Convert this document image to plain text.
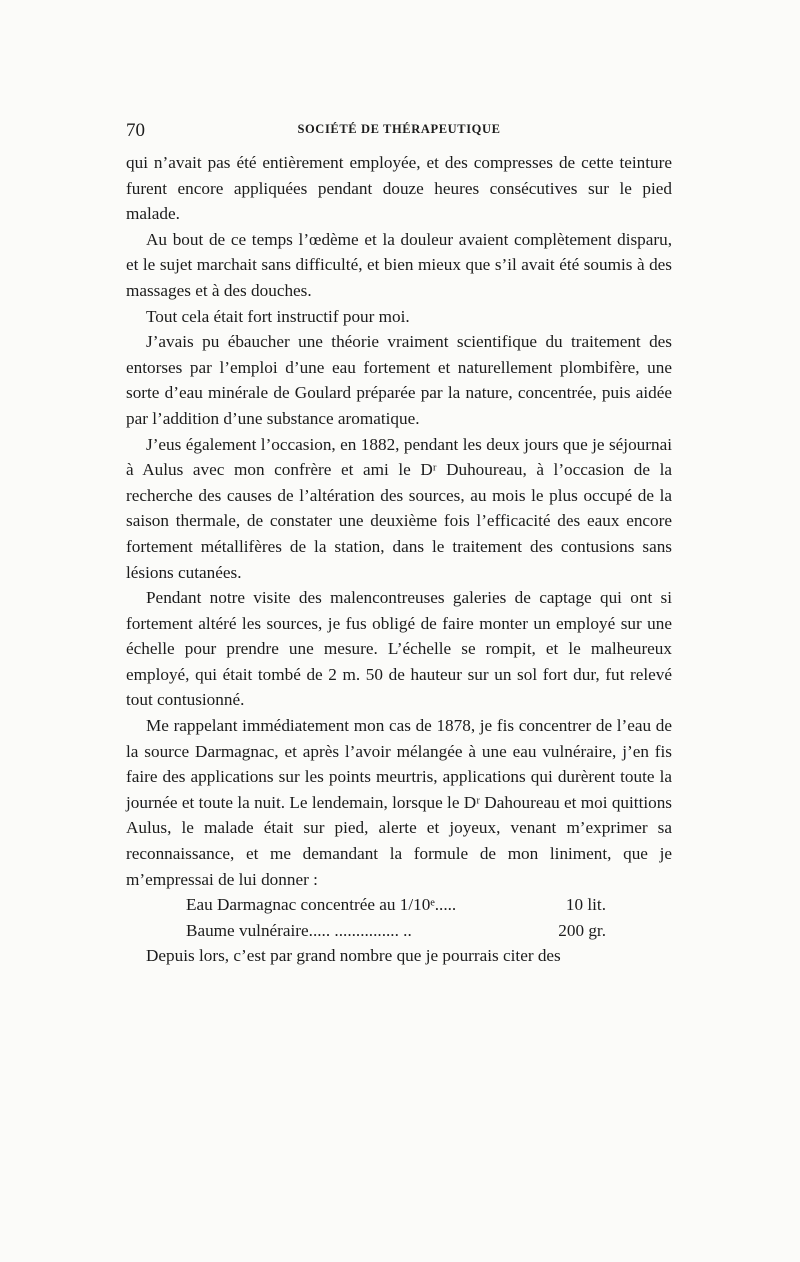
70	SOCIÉTÉ DE THÉRAPEUTIQUE

qui n’avait pas été entièrement employée, et des compresses de cette teinture furent encore appliquées pendant douze heures consécutives sur le pied malade.

Au bout de ce temps l’œdème et la douleur avaient complètement disparu, et le sujet marchait sans difficulté, et bien mieux que s’il avait été soumis à des massages et à des douches.

Tout cela était fort instructif pour moi.

J’avais pu ébaucher une théorie vraiment scientifique du traitement des entorses par l’emploi d’une eau fortement et naturellement plombifère, une sorte d’eau minérale de Goulard préparée par la nature, concentrée, puis aidée par l’addition d’une substance aromatique.

J’eus également l’occasion, en 1882, pendant les deux jours que je séjournai à Aulus avec mon confrère et ami le Dʳ Duhoureau, à l’occasion de la recherche des causes de l’altération des sources, au mois le plus occupé de la saison thermale, de constater une deuxième fois l’efficacité des eaux encore fortement métallifères de la station, dans le traitement des contusions sans lésions cutanées.

Pendant notre visite des malencontreuses galeries de captage qui ont si fortement altéré les sources, je fus obligé de faire monter un employé sur une échelle pour prendre une mesure. L’échelle se rompit, et le malheureux employé, qui était tombé de 2 m. 50 de hauteur sur un sol fort dur, fut relevé tout contusionné.

Me rappelant immédiatement mon cas de 1878, je fis concentrer de l’eau de la source Darmagnac, et après l’avoir mélangée à une eau vulnéraire, j’en fis faire des applications sur les points meurtris, applications qui durèrent toute la journée et toute la nuit. Le lendemain, lorsque le Dʳ Dahoureau et moi quittions Aulus, le malade était sur pied, alerte et joyeux, venant m’exprimer sa reconnaissance, et me demandant la formule de mon liniment, que je m’empressai de lui donner :

Eau Darmagnac concentrée au 1/10ᵉ.....	10 lit.
Baume vulnéraire..... ............... ..	200 gr.

Depuis lors, c’est par grand nombre que je pourrais citer des
